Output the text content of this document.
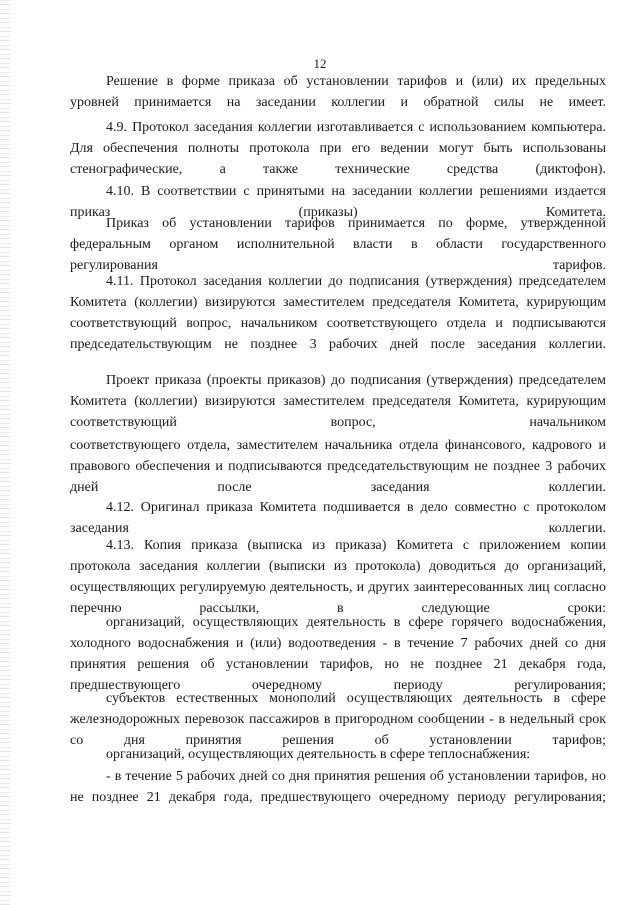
12

Решение в форме приказа об установлении тарифов и (или) их предельных уровней принимается на заседании коллегии и обратной силы не имеет.

4.9. Протокол заседания коллегии изготавливается с использованием компьютера. Для обеспечения полноты протокола при его ведении могут быть использованы стенографические, а также технические средства (диктофон).

4.10. В соответствии с принятыми на заседании коллегии решениями издается приказ (приказы) Комитета.

Приказ об установлении тарифов принимается по форме, утвержденной федеральным органом исполнительной власти в области государственного регулирования тарифов.

4.11. Протокол заседания коллегии до подписания (утверждения) председателем Комитета (коллегии) визируются заместителем председателя Комитета, курирующим соответствующий вопрос, начальником соответствующего отдела и подписываются председательствующим не позднее 3 рабочих дней после заседания коллегии.

Проект приказа (проекты приказов) до подписания (утверждения) председателем Комитета (коллегии) визируются заместителем председателя Комитета, курирующим соответствующий вопрос, начальником

соответствующего отдела, заместителем начальника отдела финансового, кадрового и правового обеспечения и подписываются председательствующим не позднее 3 рабочих дней после заседания коллегии.

4.12. Оригинал приказа Комитета подшивается в дело совместно с протоколом заседания коллегии.

4.13. Копия приказа (выписка из приказа) Комитета с приложением копии протокола заседания коллегии (выписки из протокола) доводиться до организаций, осуществляющих регулируемую деятельность, и других заинтересованных лиц согласно перечню рассылки, в следующие сроки:

организаций, осуществляющих деятельность в сфере горячего водоснабжения, холодного водоснабжения и (или) водоотведения - в течение 7 рабочих дней со дня принятия решения об установлении тарифов, но не позднее 21 декабря года, предшествующего очередному периоду регулирования;

субъектов естественных монополий осуществляющих деятельность в сфере железнодорожных перевозок пассажиров в пригородном сообщении - в недельный срок со дня принятия решения об установлении тарифов;

организаций, осуществляющих деятельность в сфере теплоснабжения:

- в течение 5 рабочих дней со дня принятия решения об установлении тарифов, но не позднее 21 декабря года, предшествующего очередному периоду регулирования;
